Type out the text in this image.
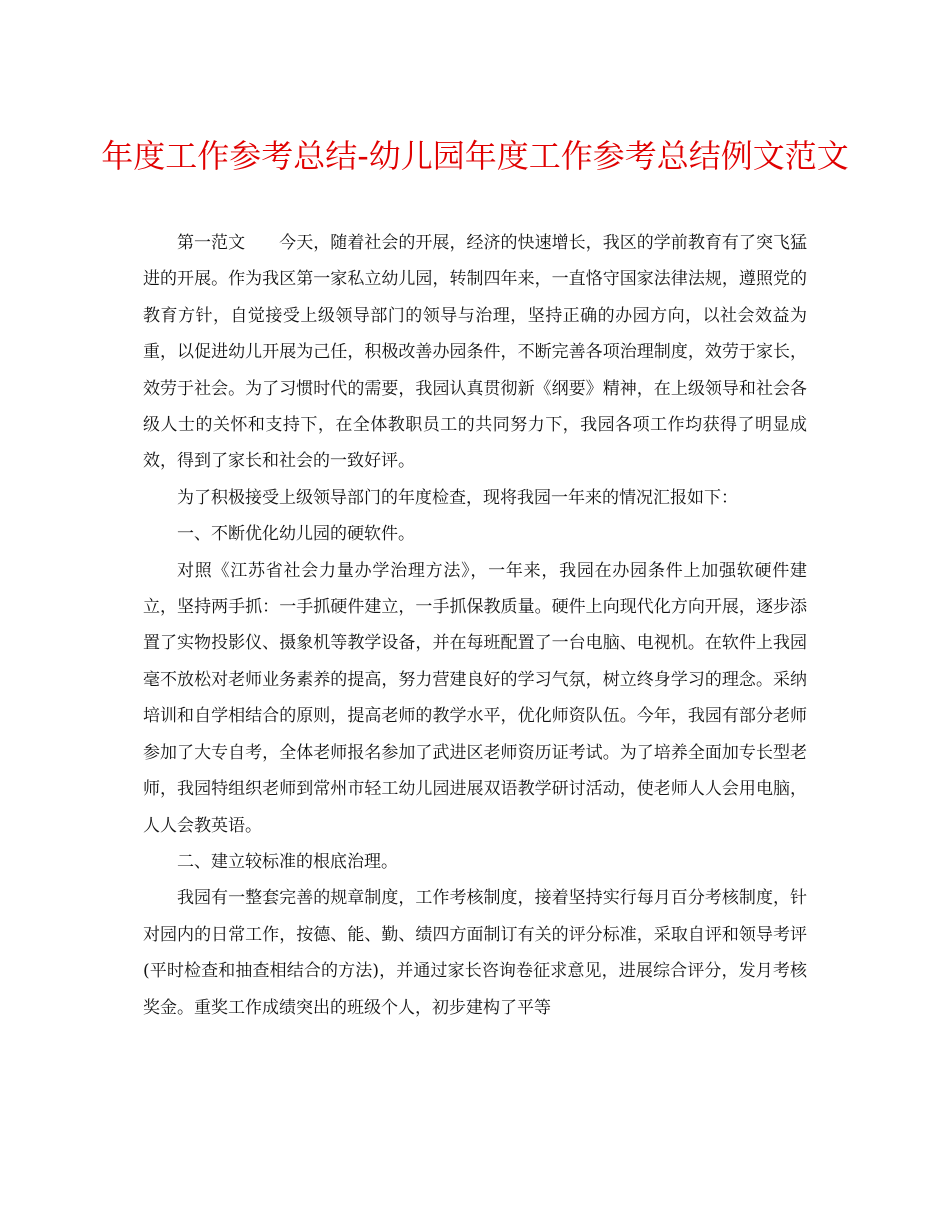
年度工作参考总结-幼儿园年度工作参考总结例文范文

第一范文　　今天，随着社会的开展，经济的快速增长，我区的学前教育有了突飞猛进的开展。作为我区第一家私立幼儿园，转制四年来，一直恪守国家法律法规，遵照党的教育方针，自觉接受上级领导部门的领导与治理，坚持正确的办园方向，以社会效益为重，以促进幼儿开展为己任，积极改善办园条件，不断完善各项治理制度，效劳于家长，效劳于社会。为了习惯时代的需要，我园认真贯彻新《纲要》精神，在上级领导和社会各级人士的关怀和支持下，在全体教职员工的共同努力下，我园各项工作均获得了明显成效，得到了家长和社会的一致好评。

为了积极接受上级领导部门的年度检查，现将我园一年来的情况汇报如下：

一、不断优化幼儿园的硬软件。

对照《江苏省社会力量办学治理方法》，一年来，我园在办园条件上加强软硬件建立，坚持两手抓：一手抓硬件建立，一手抓保教质量。硬件上向现代化方向开展，逐步添置了实物投影仪、摄象机等教学设备，并在每班配置了一台电脑、电视机。在软件上我园毫不放松对老师业务素养的提高，努力营建良好的学习气氛，树立终身学习的理念。采纳培训和自学相结合的原则，提高老师的教学水平，优化师资队伍。今年，我园有部分老师参加了大专自考，全体老师报名参加了武进区老师资历证考试。为了培养全面加专长型老师，我园特组织老师到常州市轻工幼儿园进展双语教学研讨活动，使老师人人会用电脑，人人会教英语。

二、建立较标准的根底治理。

我园有一整套完善的规章制度，工作考核制度，接着坚持实行每月百分考核制度，针对园内的日常工作，按德、能、勤、绩四方面制订有关的评分标准，采取自评和领导考评(平时检查和抽查相结合的方法)，并通过家长咨询卷征求意见，进展综合评分，发月考核奖金。重奖工作成绩突出的班级个人，初步建构了平等
